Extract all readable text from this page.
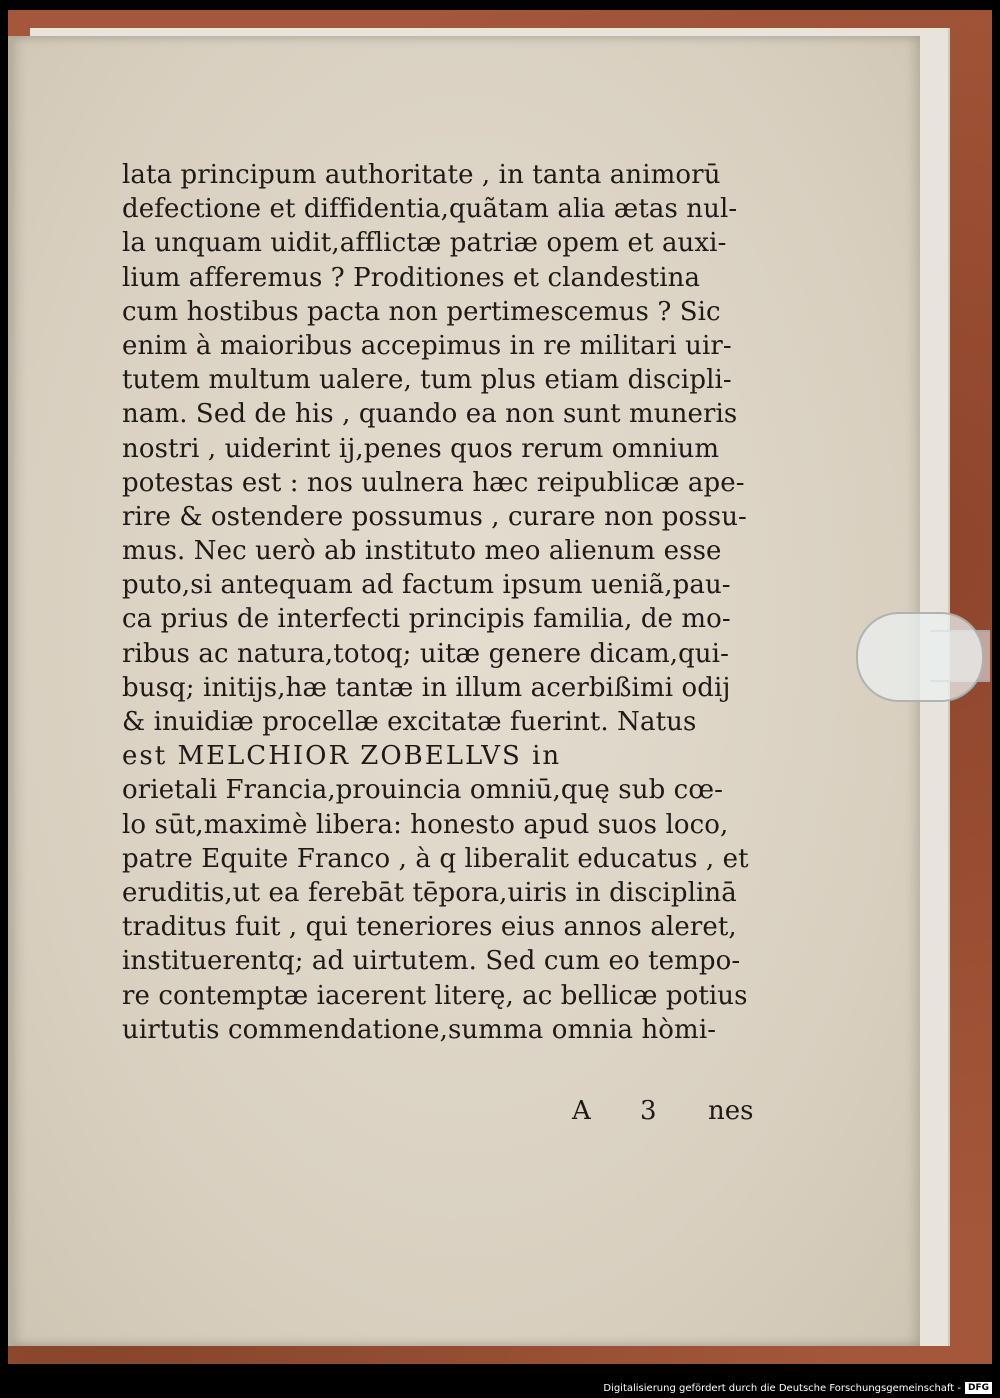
lata principum authoritate , in tanta animorū
defectione et diffidentia,quãtam alia ætas nul-
la unquam uidit,afflictæ patriæ opem et auxi-
lium afferemus ? Proditiones et clandestina
cum hostibus pacta non pertimescemus ? Sic
enim à maioribus accepimus in re militari uir-
tutem multum ualere, tum plus etiam discipli-
nam. Sed de his , quando ea non sunt muneris
nostri , uiderint ij,penes quos rerum omnium
potestas est : nos uulnera hæc reipublicæ ape-
rire & ostendere possumus , curare non possu-
mus. Nec uerò ab instituto meo alienum esse
puto,si antequam ad factum ipsum ueniã,pau-
ca prius de interfecti principis familia, de mo-
ribus ac natura,totoq; uitæ genere dicam,qui-
busq; initijs,hæ tantæ in illum acerbißimi odij
& inuidiæ procellæ excitatæ fuerint. Natus
est MELCHIOR ZOBELLVS in
orietali Francia,prouincia omniū,quę sub cœ-
lo sūt,maximè libera: honesto apud suos loco,
patre Equite Franco , à q liberalit educatus , et
eruditis,ut ea ferebāt tēpora,uiris in disciplinā
traditus fuit , qui teneriores eius annos aleret,
instituerentq; ad uirtutem. Sed cum eo tempo-
re contemptæ iacerent literę, ac bellicæ potius
uirtutis commendatione,summa omnia hòmi-
A 3 nes
Digitalisierung gefördert durch die Deutsche Forschungsgemeinschaft - DFG
